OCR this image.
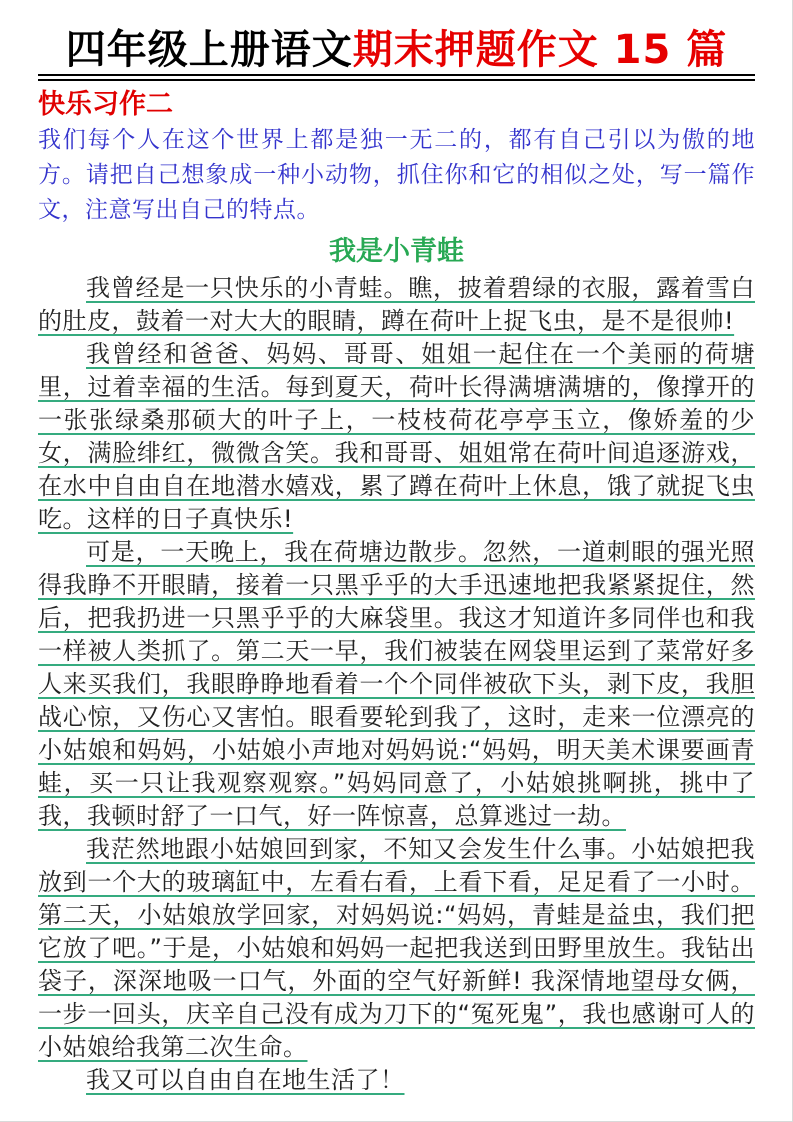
四年级上册语文期末押题作文 15 篇
快乐习作二

我们每个人在这个世界上都是独一无二的，都有自己引以为傲的地方。请把自己想象成一种小动物，抓住你和它的相似之处，写一篇作文，注意写出自己的特点。

我是小青蛙

我曾经是一只快乐的小青蛙。瞧，披着碧绿的衣服，露着雪白的肚皮，鼓着一对大大的眼睛，蹲在荷叶上捉飞虫，是不是很帅!

我曾经和爸爸、妈妈、哥哥、姐姐一起住在一个美丽的荷塘里，过着幸福的生活。每到夏天，荷叶长得满塘满塘的，像撑开的一张张绿桑那硕大的叶子上，一枝枝荷花亭亭玉立，像娇羞的少女，满脸绯红，微微含笑。我和哥哥、姐姐常在荷叶间追逐游戏，在水中自由自在地潜水嬉戏，累了蹲在荷叶上休息，饿了就捉飞虫吃。这样的日子真快乐!

可是，一天晚上，我在荷塘边散步。忽然，一道刺眼的强光照得我睁不开眼睛，接着一只黑乎乎的大手迅速地把我紧紧捉住，然后，把我扔进一只黑乎乎的大麻袋里。我这才知道许多同伴也和我一样被人类抓了。第二天一早，我们被装在网袋里运到了菜常好多人来买我们，我眼睁睁地看着一个个同伴被砍下头，剥下皮，我胆战心惊，又伤心又害怕。眼看要轮到我了，这时，走来一位漂亮的小姑娘和妈妈，小姑娘小声地对妈妈说:“妈妈，明天美术课要画青蛙，买一只让我观察观察。”妈妈同意了，小姑娘挑啊挑，挑中了我，我顿时舒了一口气，好一阵惊喜，总算逃过一劫。

我茫然地跟小姑娘回到家，不知又会发生什么事。小姑娘把我放到一个大的玻璃缸中，左看右看，上看下看，足足看了一小时。第二天，小姑娘放学回家，对妈妈说:“妈妈，青蛙是益虫，我们把它放了吧。”于是，小姑娘和妈妈一起把我送到田野里放生。我钻出袋子，深深地吸一口气，外面的空气好新鲜! 我深情地望母女俩，一步一回头，庆辛自己没有成为刀下的“冤死鬼”，我也感谢可人的小姑娘给我第二次生命。

我又可以自由自在地生活了！
